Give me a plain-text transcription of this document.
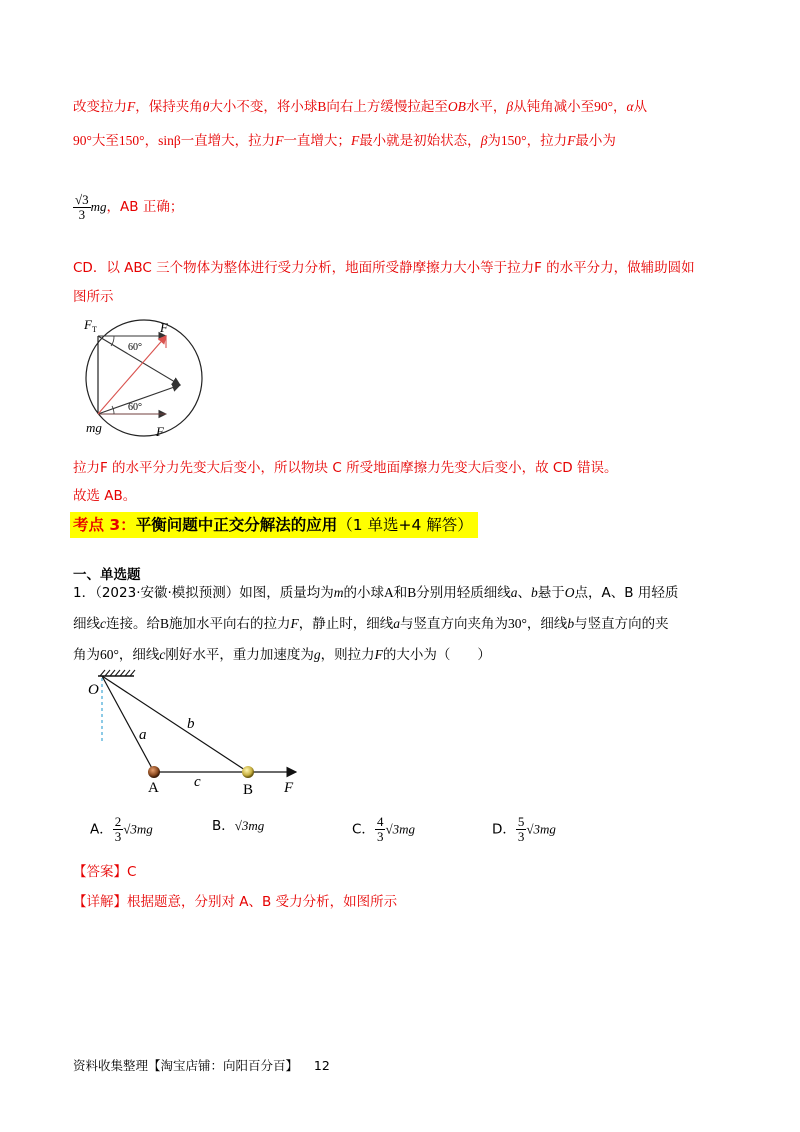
改变拉力F，保持夹角θ大小不变，将小球B向右上方缓慢拉起至OB水平，β从钝角减小至90°，α从
90°大至150°，sinβ一直增大，拉力F一直增大；F最小就是初始状态，β为150°，拉力F最小为
$\frac{√3}{3}$ mg，AB 正确；
CD．以 ABC 三个物体为整体进行受力分析，地面所受静摩擦力大小等于拉力F 的水平分力，做辅助圆如
图所示
$F_T$	F
60°
60°
mg	F
拉力F 的水平分力先变大后变小，所以物块 C 所受地面摩擦力先变大后变小，故 CD 错误。
故选 AB。
考点 3：平衡问题中正交分解法的应用（1 单选+4 解答）
一、单选题
1．（2023·安徽·模拟预测）如图，质量均为m的小球A和B分别用轻质细线a、b悬于O点，A、B 用轻质
细线c连接。给B施加水平向右的拉力F，静止时，细线a与竖直方向夹角为30°，细线b与竖直方向的夹
角为60°，细线c刚好水平，重力加速度为g，则拉力F的大小为（　　）
O
a
b
c
A	B F
A． $\frac{2}{3} √3mg$	B．√3mg	C． $\frac{4}{3} √3mg$	D． $\frac{5}{3} √3mg$
【答案】C
【详解】根据题意，分别对 A、B 受力分析，如图所示
资料收集整理【淘宝店铺：向阳百分百】 12
